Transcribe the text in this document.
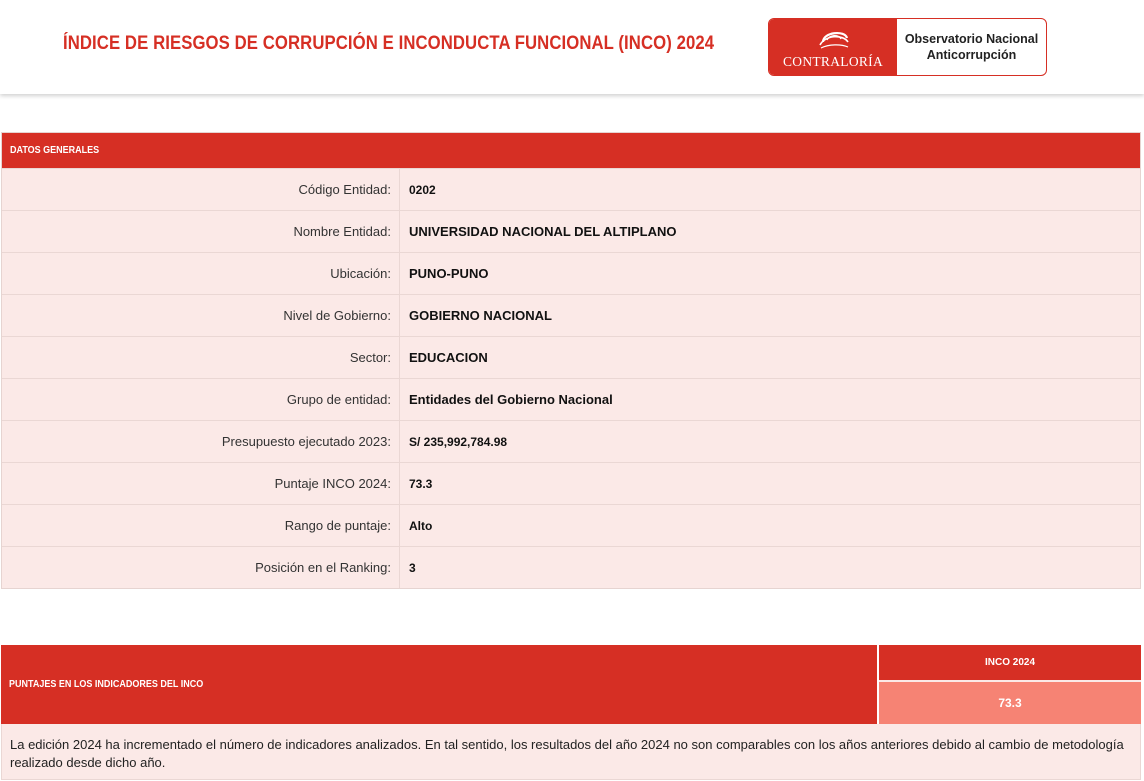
ÍNDICE DE RIESGOS DE CORRUPCIÓN E INCONDUCTA FUNCIONAL (INCO) 2024
CONTRALORÍA
Observatorio Nacional
Anticorrupción
DATOS GENERALES
Código Entidad:	0202
Nombre Entidad:	UNIVERSIDAD NACIONAL DEL ALTIPLANO
Ubicación:	PUNO-PUNO
Nivel de Gobierno:	GOBIERNO NACIONAL
Sector:	EDUCACION
Grupo de entidad:	Entidades del Gobierno Nacional
Presupuesto ejecutado 2023:	S/ 235,992,784.98
Puntaje INCO 2024:	73.3
Rango de puntaje:	Alto
Posición en el Ranking:	3
PUNTAJES EN LOS INDICADORES DEL INCO
INCO 2024
73.3
La edición 2024 ha incrementado el número de indicadores analizados. En tal sentido, los resultados del año 2024 no son comparables con los años anteriores debido al cambio de metodología realizado desde dicho año.
